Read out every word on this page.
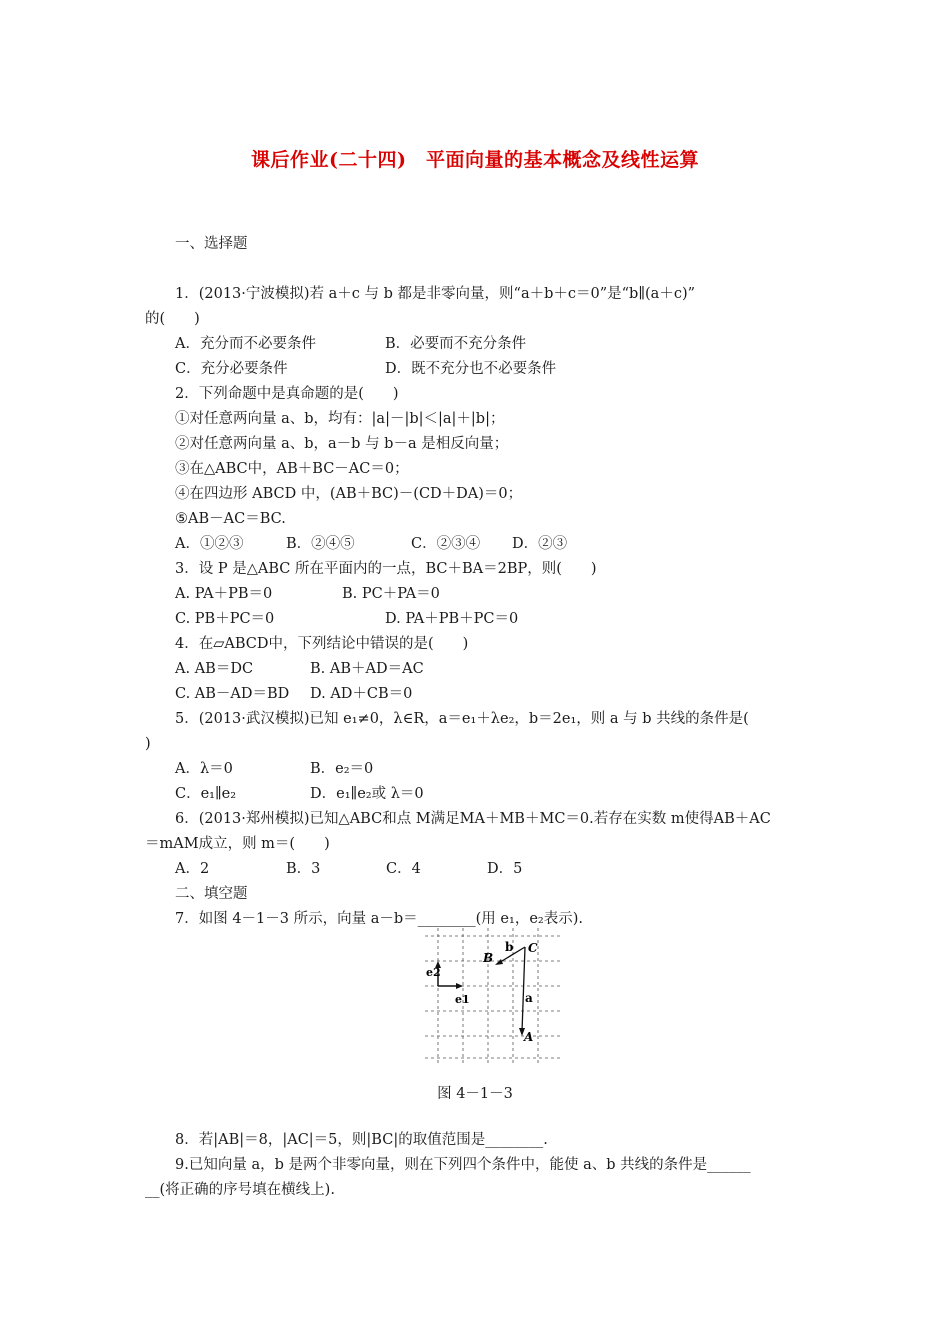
课后作业(二十四)　平面向量的基本概念及线性运算
一、选择题
1．(2013·宁波模拟)若 a＋c 与 b 都是非零向量，则“a＋b＋c＝0”是“b∥(a＋c)”
的(　　)
A．充分而不必要条件	B．必要而不充分条件
C．充分必要条件	D．既不充分也不必要条件
2．下列命题中是真命题的是(　　)
①对任意两向量 a、b，均有：|a|－|b|＜|a|＋|b|；
②对任意两向量 a、b，a－b 与 b－a 是相反向量；
③在△ABC中，AB＋BC－AC＝0；
④在四边形 ABCD 中，(AB＋BC)－(CD＋DA)＝0；
⑤AB－AC＝BC.
A．①②③	B．②④⑤	C．②③④ D．②③
3．设 P 是△ABC 所在平面内的一点，BC＋BA＝2BP，则(　　)
A. PA＋PB＝0	B. PC＋PA＝0
C. PB＋PC＝0	D. PA＋PB＋PC＝0
4．在▱ABCD中，下列结论中错误的是(　　)
A. AB＝DC	B. AB＋AD＝AC
C. AB－AD＝BD D. AD＋CB＝0
5．(2013·武汉模拟)已知 e₁≠0，λ∈R，a＝e₁＋λe₂，b＝2e₁，则 a 与 b 共线的条件是(
)
A．λ＝0	B．e₂＝0
C．e₁∥e₂	D．e₁∥e₂或 λ＝0
6．(2013·郑州模拟)已知△ABC和点 M满足MA＋MB＋MC＝0.若存在实数 m使得AB＋AC
＝mAM成立，则 m＝(　　)
A．2	B．3	C．4	D．5
二、填空题
7．如图 4－1－3 所示，向量 a－b＝________(用 e₁，e₂表示).
B
C
A
a
b
e1
e2
图 4－1－3
8．若|AB|＝8，|AC|＝5，则|BC|的取值范围是________.
9.已知向量 a，b 是两个非零向量，则在下列四个条件中，能使 a、b 共线的条件是______
__(将正确的序号填在横线上).
